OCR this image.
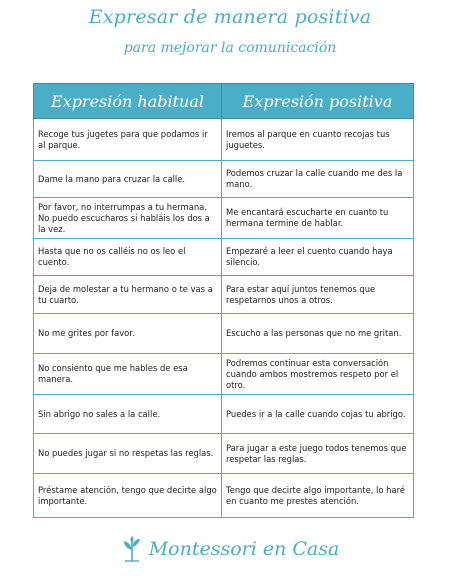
Expresar de manera positiva
para mejorar la comunicación
Expresión habitual	Expresión positiva
Recoge tus jugetes para que podamos ir al parque.	Iremos al parque en cuanto recojas tus juguetes.
Dame la mano para cruzar la calle.	Podemos cruzar la calle cuando me des la mano.
Por favor, no interrumpas a tu hermana. No puedo escucharos si habláis los dos a la vez.	Me encantará escucharte en cuanto tu hermana termine de hablar.
Hasta que no os calléis no os leo el cuento.	Empezaré a leer el cuento cuando haya silencio.
Deja de molestar a tu hermano o te vas a tu cuarto.	Para estar aquí juntos tenemos que respetarnos unos a otros.
No me grites por favor.	Escucho a las personas que no me gritan.
No consiento que me hables de esa manera.	Podremos continuar esta conversación cuando ambos mostremos respeto por el otro.
Sin abrigo no sales a la calle.	Puedes ir a la calle cuando cojas tu abrigo.
No puedes jugar si no respetas las reglas.	Para jugar a este juego todos tenemos que respetar las reglas.
Préstame atención, tengo que decirte algo importante.	Tengo que decirte algo importante, lo haré en cuanto me prestes atención.
Montessori en Casa
